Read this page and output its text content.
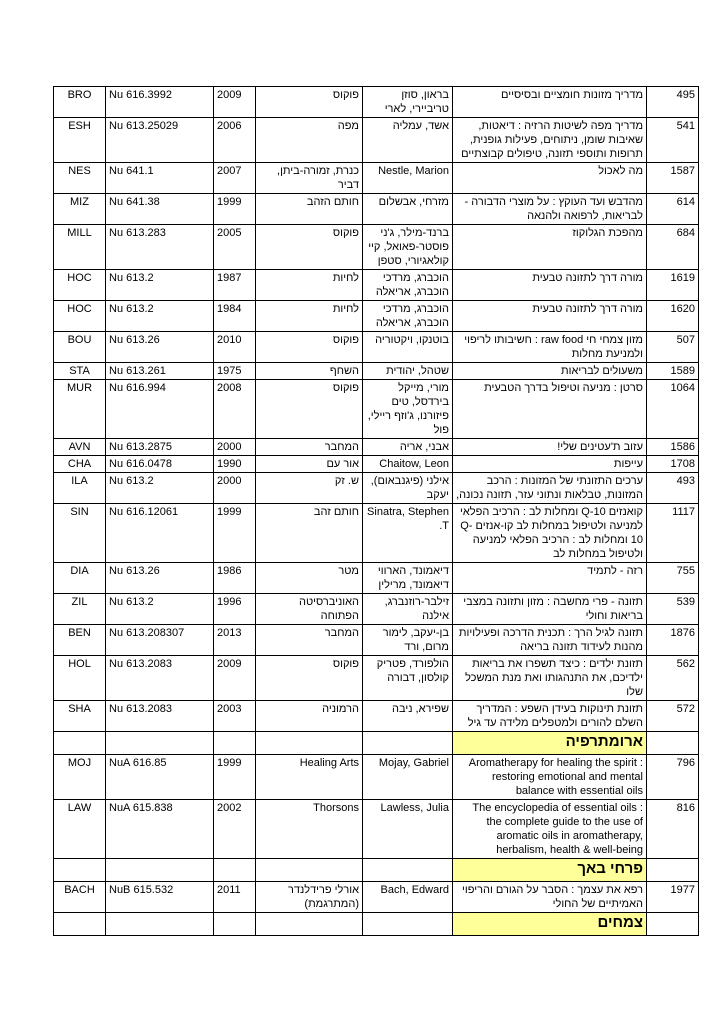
BRO	Nu 616.3992	2009	פוקוס	בראון, סוזן טריביירי, לארי	מדריך מזונות חומציים ובסיסיים	495
ESH	Nu 613.25029	2006	מפה	אשד, עמליה	מדריך מפה לשיטות הרזיה : דיאטות, שאיבות שומן, ניתוחים, פעילות גופנית, תרופות ותוספי תזונה, טיפולים קבוצתיים	541
NES	Nu 641.1	2007	כנרת, זמורה-ביתן, דביר	Nestle, Marion	מה לאכול	1587
MIZ	Nu 641.38	1999	חותם הזהב	מזרחי, אבשלום	מהדבש ועד העוקץ : על מוצרי הדבורה - לבריאות, לרפואה ולהנאה	614
MILL	Nu 613.283	2005	פוקוס	ברנד-מילר, ג'ני פוסטר-פאואל, קיי קולאגיורי, סטפן	מהפכת הגלוקוז	684
HOC	Nu 613.2	1987	לחיות	הוכברג, מרדכי הוכברג, אריאלה	מורה דרך לתזונה טבעית	1619
HOC	Nu 613.2	1984	לחיות	הוכברג, מרדכי הוכברג, אריאלה	מורה דרך לתזונה טבעית	1620
BOU	Nu 613.26	2010	פוקוס	בוטנקו, ויקטוריה	מזון צמחי חי raw food : חשיבותו לריפוי ולמניעת מחלות	507
STA	Nu 613.261	1975	השחף	שטהל, יהודית	משעולים לבריאות	1589
MUR	Nu 616.994	2008	פוקוס	מורי, מייקל בירדסל, טים פיזורנו, ג'וזף ריילי, פול	סרטן : מניעה וטיפול בדרך הטבעית	1064
AVN	Nu 613.2875	2000	המחבר	אבני, אריה	עזוב ת'עטינים שלי!	1586
CHA	Nu 616.0478	1990	אור עם	Chaitow, Leon	עייפות	1708
ILA	Nu 613.2	2000	ש. זק	אילני (פיגנבאום), יעקב	ערכים התזונתי של המזונות : הרכב המזונות, טבלאות ונתוני עזר, תזונה נכונה,	493
SIN	Nu 616.12061	1999	חותם זהב	Sinatra, Stephen T.	קואנזים Q-10 ומחלות לב : הרכיב הפלאי למניעה ולטיפול במחלות לב קו-אנזים Q-10 ומחלות לב : הרכיב הפלאי למניעה ולטיפול במחלות לב	1117
DIA	Nu 613.26	1986	מטר	דיאמונד, הארווי דיאמונד, מרילין	רזה - לתמיד	755
ZIL	Nu 613.2	1996	האוניברסיטה הפתוחה	זילבר-רוזנברג, אילנה	תזונה - פרי מחשבה : מזון ותזונה במצבי בריאות וחולי	539
BEN	Nu 613.208307	2013	המחבר	בן-יעקב, לימור מרום, ורד	תזונה לגיל הרך : תכנית הדרכה ופעילויות מהנות לעידוד תזונה בריאה	1876
HOL	Nu 613.2083	2009	פוקוס	הולפורד, פטריק קולסון, דבורה	תזונת ילדים : כיצד תשפרו את בריאות ילדיכם, את התנהגותו ואת מנת המשכל שלו	562
SHA	Nu 613.2083	2003	הרמוניה	שפירא, ניבה	תזונת תינוקות בעידן השפע : המדריך השלם להורים ולמטפלים מלידה עד גיל	572
					ארומתרפיה	
MOJ	NuA 616.85	1999	Healing Arts	Mojay, Gabriel	Aromatherapy for healing the spirit : restoring emotional and mental balance with essential oils	796
LAW	NuA 615.838	2002	Thorsons	Lawless, Julia	The encyclopedia of essential oils : the complete guide to the use of aromatic oils in aromatherapy, herbalism, health & well-being	816
					פרחי באך	
BACH	NuB 615.532	2011	אורלי פרידלנדר (המתרגמת)	Bach, Edward	רפא את עצמך : הסבר על הגורם והריפוי האמיתיים של החולי	1977
					צמחים	
